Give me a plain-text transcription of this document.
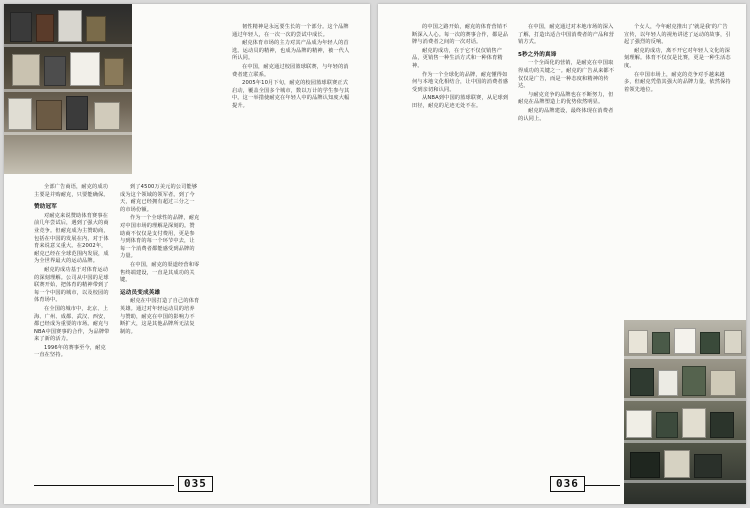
全部广告商语，耐克的成功主要是并购耐克，只要能确保。

赞助冠军

对耐克来说赞助体育赛事在前几年尝试后，遇到了强大的商业竞争。但耐克成为主赞助商，包括在中国的发展在内，对于体育来说意义重大。在2002年，耐克已经在全球范围内发展，成为全世界最大的运动品牌。

耐克的成功基于对体育运动的深刻理解。公司从中国的足球联赛开始，把体育的精神带到了每一个中国的城市，以及校园的体育场中。

在全国的城市中，北京、上海、广州、成都、武汉、西安，都已经成为重要的市场。耐克与NBA中国赛事的合作，为品牌带来了新的活力。

1996年的赛事至今，耐克一直在坚持。

到了4500万美元的公司能够成为这个领域的领军者。到了今天，耐克已经拥有超过三分之一的市场份额。

作为一个全球性的品牌，耐克对中国市场的理解是深刻的。赞助商不仅仅是支付费用，更是参与到体育的每一个环节中去，让每一个消费者都能感受到品牌的力量。

在中国，耐克的渠道经营和零售终端建设，一直是其成功的关键。

运动员变成英雄

耐克在中国打造了自己的体育英雄。通过对年轻运动员的培养与赞助，耐克在中国的影响力不断扩大，这是其他品牌所无法复制的。

韧性精神是永远要生长的一个部分。这个品牌通过年轻人，在一次一次的尝试中成长。

耐克体育市场的主力对其产品成为年轻人的首选。运动员的精神，也成为品牌的精神，被一代人所认同。

在中国，耐克通过校园篮球联赛，与年轻的消费者建立联系。

2005年10月下旬，耐克的校园篮球联赛正式启动，覆盖全国多个城市，数以万计的学生参与其中。这一举措使耐克在年轻人中的品牌认知度大幅提升。

035

的中国之路开始，耐克的体育营销不断深入人心。每一次的赛事合作，都是品牌与消费者之间的一次对话。

耐克的成功，在于它不仅仅销售产品，更销售一种生活方式和一种体育精神。

作为一个全球化的品牌，耐克懂得如何与本地文化相结合，让中国的消费者感受到亲切和认同。

从NBA到中国的篮球联赛，从足球到田径，耐克的足迹无处不在。

在中国，耐克通过对本地市场的深入了解，打造出适合中国消费者的产品和营销方式。

5秒之外的真谛

一个全面化的营销，是耐克在中国取得成功的关键之一。耐克的广告从来都不仅仅是广告，而是一种态度和精神的传达。

与耐克竞争的品牌也在不断努力，但耐克在品牌塑造上的优势依然明显。

耐克的品牌建设，最终体现在消费者的认同上。

个女人，今年耐克推出了'就是我'的广告宣传，以年轻人的视角讲述了运动的故事，引起了强烈的反响。

耐克的成功，离不开它对年轻人文化的深刻理解。体育不仅仅是比赛，更是一种生活态度。

在中国市场上，耐克的竞争对手越来越多，但耐克凭借其强大的品牌力量，依然保持着领先地位。

036
